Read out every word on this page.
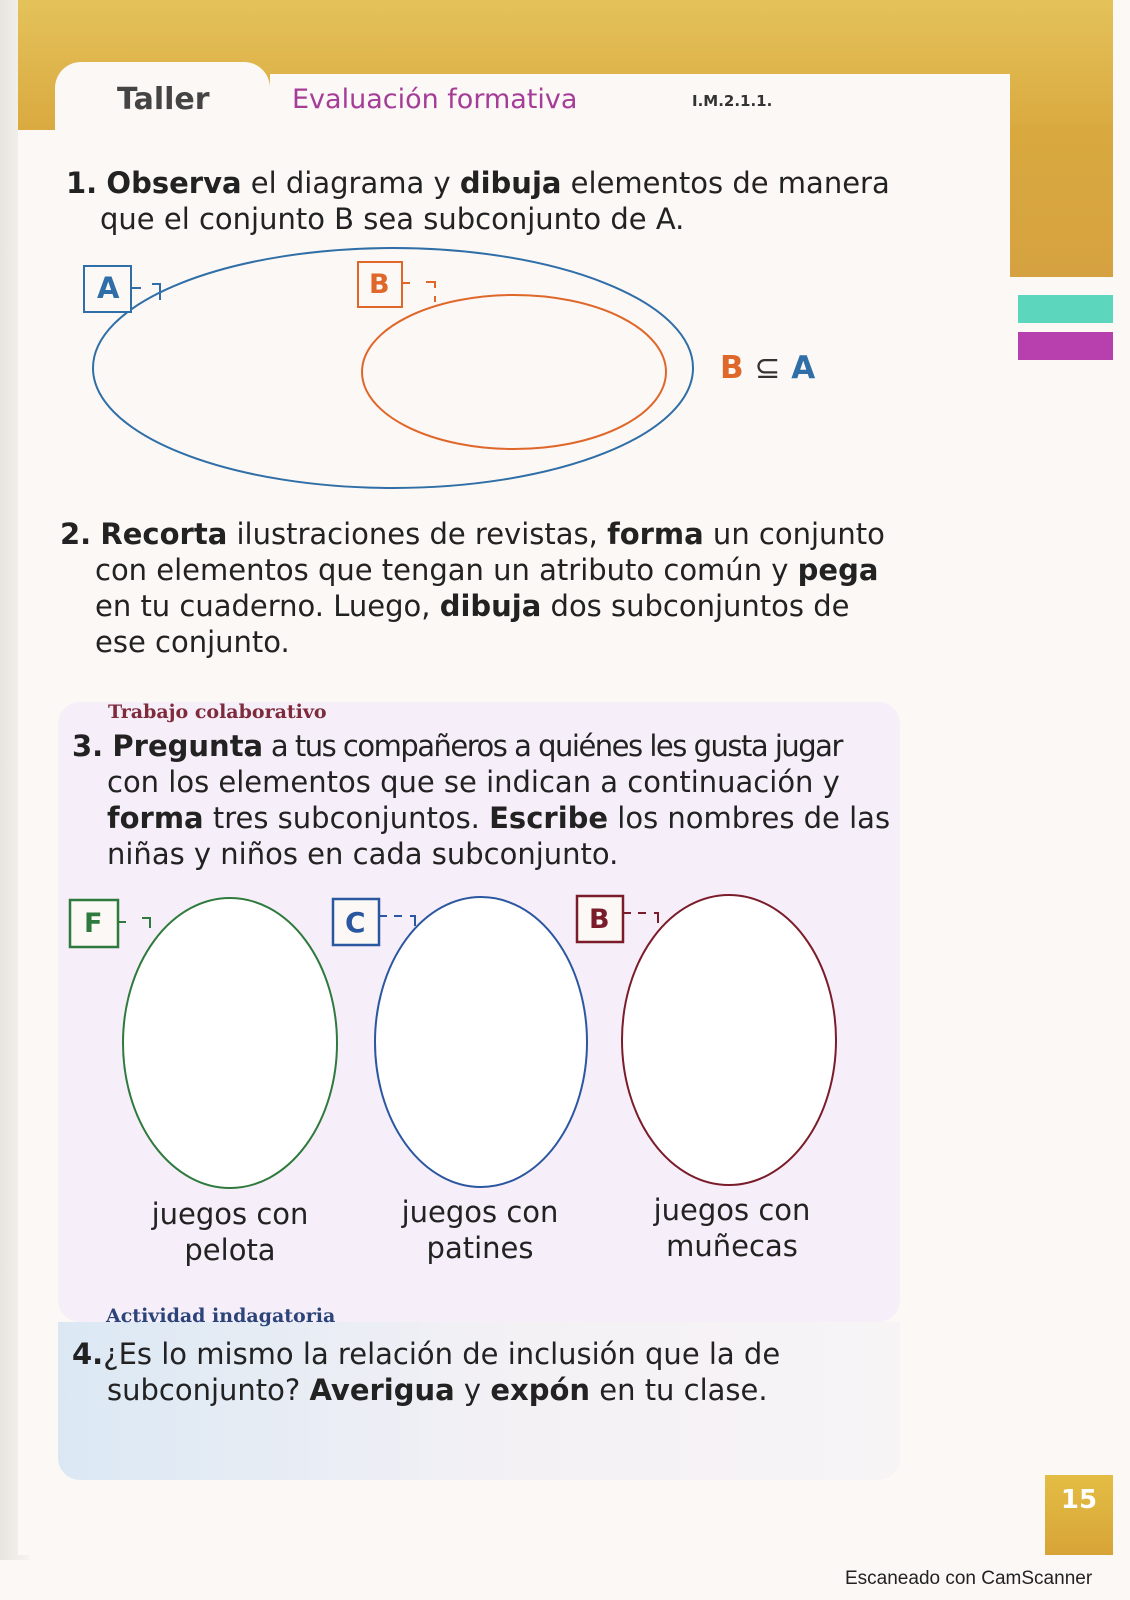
Taller	Evaluación formativa	I.M.2.1.1.
1. Observa el diagrama y dibuja elementos de manera
que el conjunto B sea subconjunto de A.
A	B
B ⊆ A
2. Recorta ilustraciones de revistas, forma un conjunto
con elementos que tengan un atributo común y pega
en tu cuaderno. Luego, dibuja dos subconjuntos de
ese conjunto.
Trabajo colaborativo
3. Pregunta a tus compañeros a quiénes les gusta jugar
con los elementos que se indican a continuación y
forma tres subconjuntos. Escribe los nombres de las
niñas y niños en cada subconjunto.
F	C	B
juegos con
pelota
juegos con
patines
juegos con
muñecas
Actividad indagatoria
4.¿Es lo mismo la relación de inclusión que la de
subconjunto? Averigua y expón en tu clase.
15
Escaneado con CamScanner
